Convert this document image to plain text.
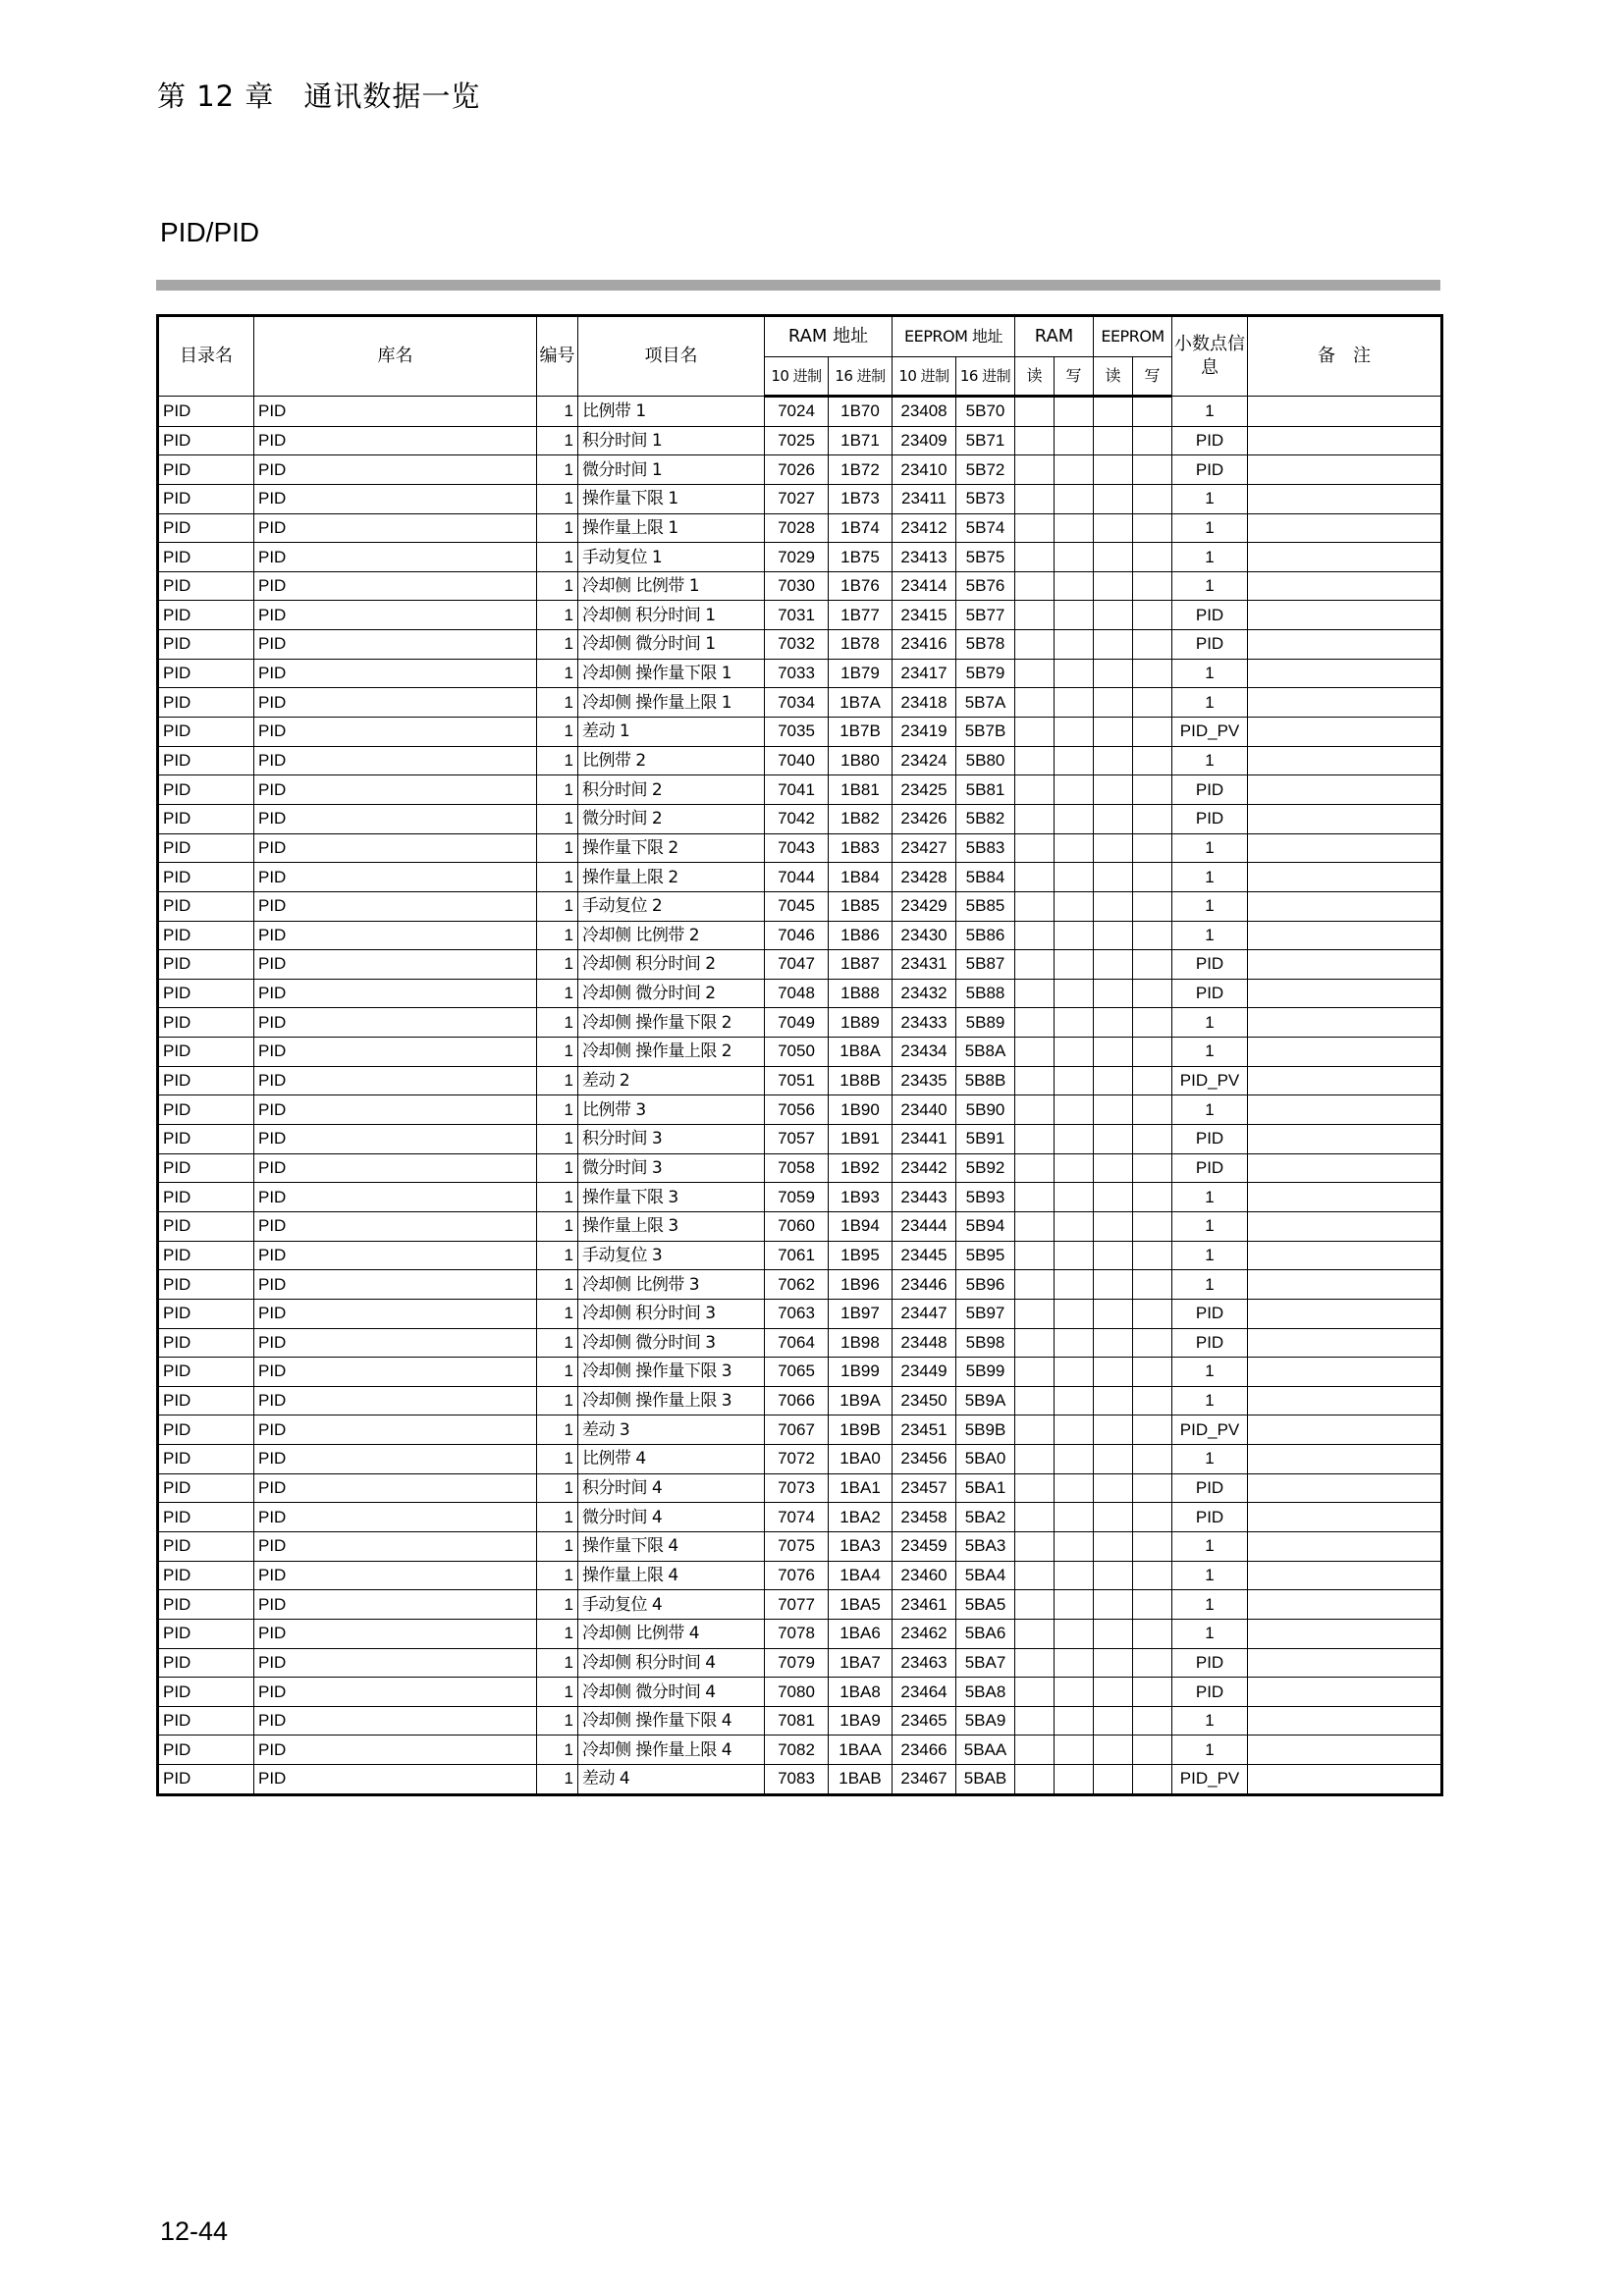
第 12 章　通讯数据一览
PID/PID
目录名	库名	编号	项目名	RAM 地址		EEPROM 地址		RAM		EEPROM		小数点信息	备　注
				10 进制	16 进制	10 进制	16 进制	读	写	读	写		
PID	PID	1	比例带 1	7024	1B70	23408	5B70					1	
PID	PID	1	积分时间 1	7025	1B71	23409	5B71					PID	
PID	PID	1	微分时间 1	7026	1B72	23410	5B72					PID	
PID	PID	1	操作量下限 1	7027	1B73	23411	5B73					1	
PID	PID	1	操作量上限 1	7028	1B74	23412	5B74					1	
PID	PID	1	手动复位 1	7029	1B75	23413	5B75					1	
PID	PID	1	冷却侧 比例带 1	7030	1B76	23414	5B76					1	
PID	PID	1	冷却侧 积分时间 1	7031	1B77	23415	5B77					PID	
PID	PID	1	冷却侧 微分时间 1	7032	1B78	23416	5B78					PID	
PID	PID	1	冷却侧 操作量下限 1	7033	1B79	23417	5B79					1	
PID	PID	1	冷却侧 操作量上限 1	7034	1B7A	23418	5B7A					1	
PID	PID	1	差动 1	7035	1B7B	23419	5B7B					PID_PV	
PID	PID	1	比例带 2	7040	1B80	23424	5B80					1	
PID	PID	1	积分时间 2	7041	1B81	23425	5B81					PID	
PID	PID	1	微分时间 2	7042	1B82	23426	5B82					PID	
PID	PID	1	操作量下限 2	7043	1B83	23427	5B83					1	
PID	PID	1	操作量上限 2	7044	1B84	23428	5B84					1	
PID	PID	1	手动复位 2	7045	1B85	23429	5B85					1	
PID	PID	1	冷却侧 比例带 2	7046	1B86	23430	5B86					1	
PID	PID	1	冷却侧 积分时间 2	7047	1B87	23431	5B87					PID	
PID	PID	1	冷却侧 微分时间 2	7048	1B88	23432	5B88					PID	
PID	PID	1	冷却侧 操作量下限 2	7049	1B89	23433	5B89					1	
PID	PID	1	冷却侧 操作量上限 2	7050	1B8A	23434	5B8A					1	
PID	PID	1	差动 2	7051	1B8B	23435	5B8B					PID_PV	
PID	PID	1	比例带 3	7056	1B90	23440	5B90					1	
PID	PID	1	积分时间 3	7057	1B91	23441	5B91					PID	
PID	PID	1	微分时间 3	7058	1B92	23442	5B92					PID	
PID	PID	1	操作量下限 3	7059	1B93	23443	5B93					1	
PID	PID	1	操作量上限 3	7060	1B94	23444	5B94					1	
PID	PID	1	手动复位 3	7061	1B95	23445	5B95					1	
PID	PID	1	冷却侧 比例带 3	7062	1B96	23446	5B96					1	
PID	PID	1	冷却侧 积分时间 3	7063	1B97	23447	5B97					PID	
PID	PID	1	冷却侧 微分时间 3	7064	1B98	23448	5B98					PID	
PID	PID	1	冷却侧 操作量下限 3	7065	1B99	23449	5B99					1	
PID	PID	1	冷却侧 操作量上限 3	7066	1B9A	23450	5B9A					1	
PID	PID	1	差动 3	7067	1B9B	23451	5B9B					PID_PV	
PID	PID	1	比例带 4	7072	1BA0	23456	5BA0					1	
PID	PID	1	积分时间 4	7073	1BA1	23457	5BA1					PID	
PID	PID	1	微分时间 4	7074	1BA2	23458	5BA2					PID	
PID	PID	1	操作量下限 4	7075	1BA3	23459	5BA3					1	
PID	PID	1	操作量上限 4	7076	1BA4	23460	5BA4					1	
PID	PID	1	手动复位 4	7077	1BA5	23461	5BA5					1	
PID	PID	1	冷却侧 比例带 4	7078	1BA6	23462	5BA6					1	
PID	PID	1	冷却侧 积分时间 4	7079	1BA7	23463	5BA7					PID	
PID	PID	1	冷却侧 微分时间 4	7080	1BA8	23464	5BA8					PID	
PID	PID	1	冷却侧 操作量下限 4	7081	1BA9	23465	5BA9					1	
PID	PID	1	冷却侧 操作量上限 4	7082	1BAA	23466	5BAA					1	
PID	PID	1	差动 4	7083	1BAB	23467	5BAB					PID_PV	
12-44
